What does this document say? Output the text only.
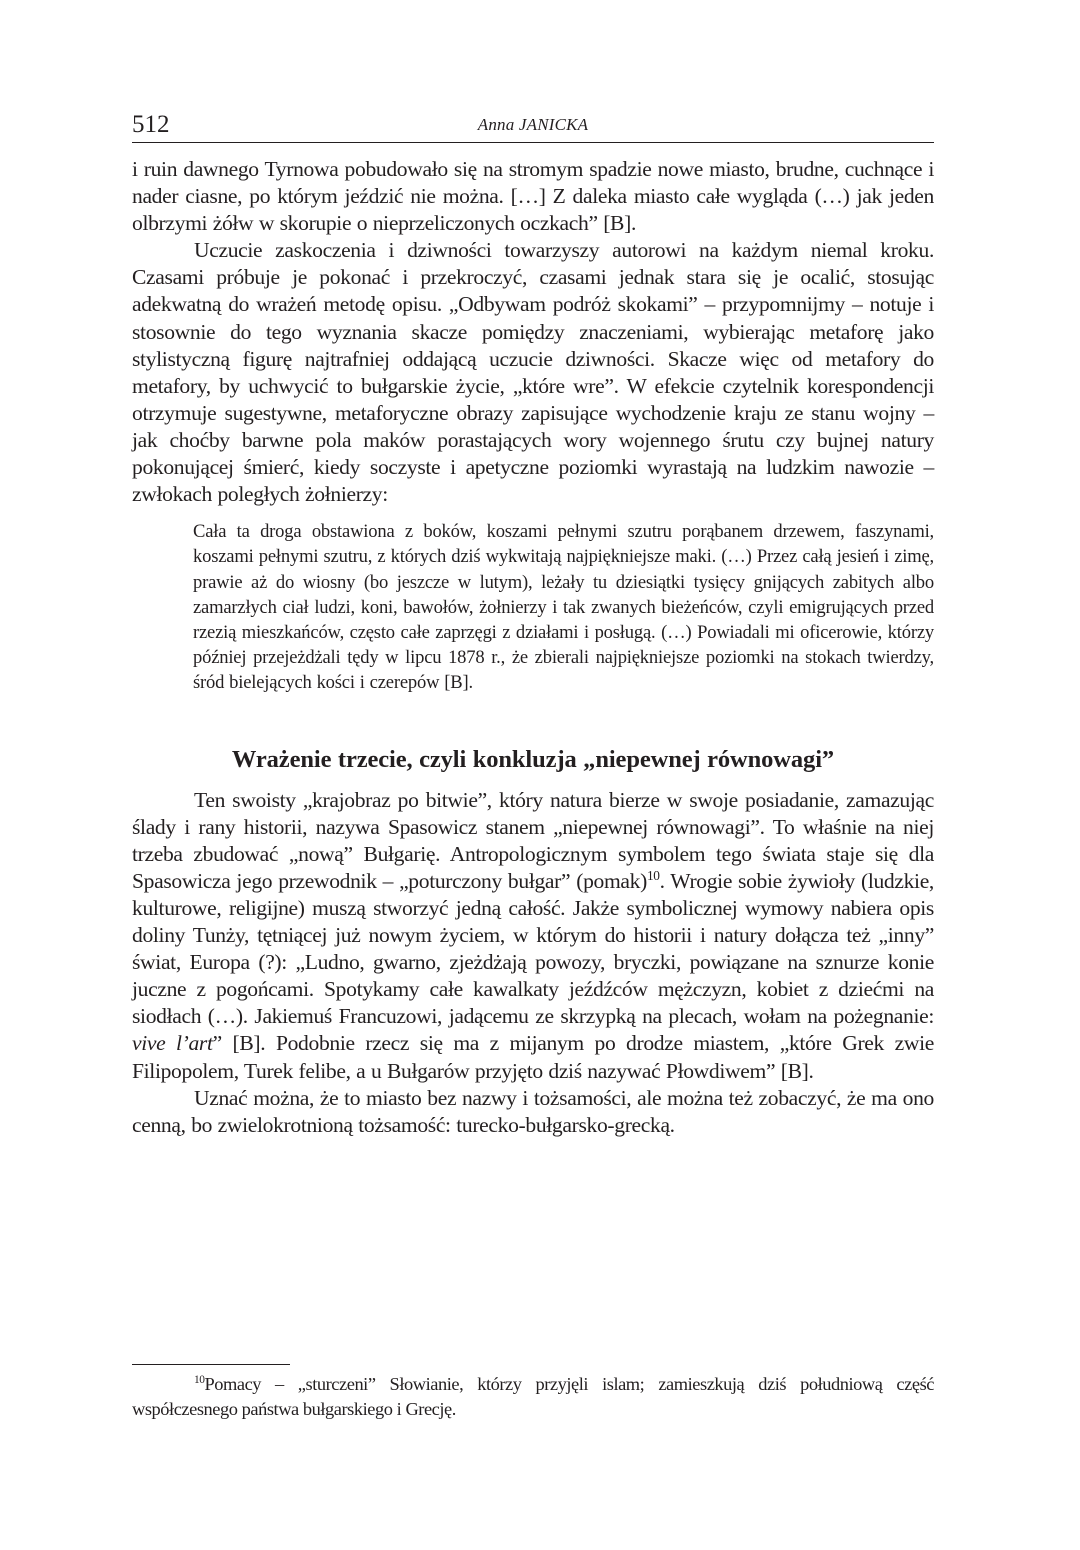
512	Anna JANICKA

i ruin dawnego Tyrnowa pobudowało się na stromym spadzie nowe miasto, brudne, cuchnące i nader ciasne, po którym jeździć nie można. […] Z daleka miasto całe wygląda (…) jak jeden olbrzymi żółw w skorupie o nieprzeliczonych oczkach” [B].

Uczucie zaskoczenia i dziwności towarzyszy autorowi na każdym niemal kroku. Czasami próbuje je pokonać i przekroczyć, czasami jednak stara się je ocalić, stosując adekwatną do wrażeń metodę opisu. „Odbywam podróż skokami” – przypomnijmy – notuje i stosownie do tego wyznania skacze pomiędzy znaczeniami, wybierając metaforę jako stylistyczną figurę najtrafniej oddającą uczucie dziwności. Skacze więc od metafory do metafory, by uchwycić to bułgarskie życie, „które wre”. W efekcie czytelnik korespondencji otrzymuje sugestywne, metaforyczne obrazy zapisujące wychodzenie kraju ze stanu wojny – jak choćby barwne pola maków porastających wory wojennego śrutu czy bujnej natury pokonującej śmierć, kiedy soczyste i apetyczne poziomki wyrastają na ludzkim nawozie – zwłokach poległych żołnierzy:

Cała ta droga obstawiona z boków, koszami pełnymi szutru porąbanem drzewem, faszynami, koszami pełnymi szutru, z których dziś wykwitają najpiękniejsze maki. (…) Przez całą jesień i zimę, prawie aż do wiosny (bo jeszcze w lutym), leżały tu dziesiątki tysięcy gnijących zabitych albo zamarzłych ciał ludzi, koni, bawołów, żołnierzy i tak zwanych bieżeńców, czyli emigrujących przed rzezią mieszkańców, często całe zaprzęgi z działami i posługą. (…) Powiadali mi oficerowie, którzy później przejeżdżali tędy w lipcu 1878 r., że zbierali najpiękniejsze poziomki na stokach twierdzy, śród bielejących kości i czerepów [B].
Wrażenie trzecie, czyli konkluzja „niepewnej równowagi”

Ten swoisty „krajobraz po bitwie”, który natura bierze w swoje posiadanie, zamazując ślady i rany historii, nazywa Spasowicz stanem „niepewnej równowagi”. To właśnie na niej trzeba zbudować „nową” Bułgarię. Antropologicznym symbolem tego świata staje się dla Spasowicza jego przewodnik – „poturczony bułgar” (pomak)$^{10}$. Wrogie sobie żywioły (ludzkie, kulturowe, religijne) muszą stworzyć jedną całość. Jakże symbolicznej wymowy nabiera opis doliny Tunży, tętniącej już nowym życiem, w którym do historii i natury dołącza też „inny” świat, Europa (?): „Ludno, gwarno, zjeżdżają powozy, bryczki, powiązane na sznurze konie juczne z pogońcami. Spotykamy całe kawalkaty jeźdźców mężczyzn, kobiet z dziećmi na siodłach (…). Jakiemuś Francuzowi, jadącemu ze skrzypką na plecach, wołam na pożegnanie: vive l’art” [B]. Podobnie rzecz się ma z mijanym po drodze miastem, „które Grek zwie Filipopolem, Turek felibe, a u Bułgarów przyjęto dziś nazywać Płowdiwem” [B].

Uznać można, że to miasto bez nazwy i tożsamości, ale można też zobaczyć, że ma ono cenną, bo zwielokrotnioną tożsamość: turecko-bułgarsko-grecką.

$^{10}$Pomacy – „sturczeni” Słowianie, którzy przyjęli islam; zamieszkują dziś południową część współczesnego państwa bułgarskiego i Grecję.
